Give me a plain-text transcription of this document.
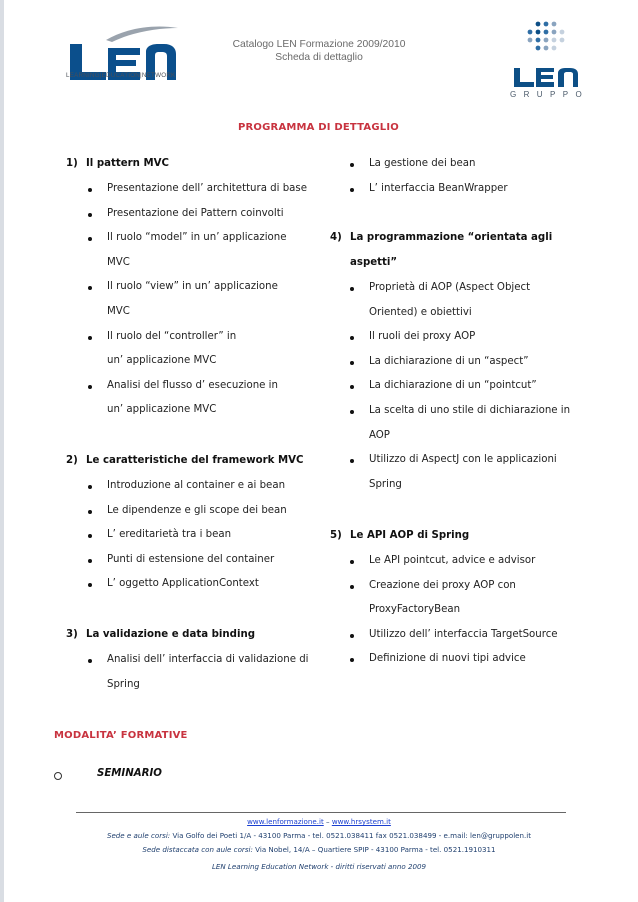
LEARNING|EDUCATION|NETWORK
Catalogo LEN Formazione 2009/2010
Scheda di dettaglio
GRUPPO
PROGRAMMA DI DETTAGLIO
1) Il pattern MVC
Presentazione dell’ architettura di base
Presentazione dei Pattern coinvolti
Il ruolo “model” in un’ applicazione
MVC
Il ruolo “view” in un’ applicazione
MVC
Il ruolo del “controller” in
un’ applicazione MVC
Analisi del flusso d’ esecuzione in
un’ applicazione MVC
2) Le caratteristiche del framework MVC
Introduzione al container e ai bean
Le dipendenze e gli scope dei bean
L’ ereditarietà tra i bean
Punti di estensione del container
L’ oggetto ApplicationContext
3) La validazione e data binding
Analisi dell’ interfaccia di validazione di
Spring
La gestione dei bean
L’ interfaccia BeanWrapper
4) La programmazione “orientata agli
aspetti”
Proprietà di AOP (Aspect Object
Oriented) e obiettivi
Il ruoli dei proxy AOP
La dichiarazione di un “aspect”
La dichiarazione di un “pointcut”
La scelta di uno stile di dichiarazione in
AOP
Utilizzo di AspectJ con le applicazioni
Spring
5) Le API AOP di Spring
Le API pointcut, advice e advisor
Creazione dei proxy AOP con
ProxyFactoryBean
Utilizzo dell’ interfaccia TargetSource
Definizione di nuovi tipi advice
MODALITA’ FORMATIVE
SEMINARIO
www.lenformazione.it – www.hrsystem.it
Sede e aule corsi: Via Golfo dei Poeti 1/A - 43100 Parma - tel. 0521.038411 fax 0521.038499 - e.mail: len@gruppolen.it
Sede distaccata con aule corsi: Via Nobel, 14/A – Quartiere SPIP - 43100 Parma - tel. 0521.1910311
LEN Learning Education Network - diritti riservati anno 2009
